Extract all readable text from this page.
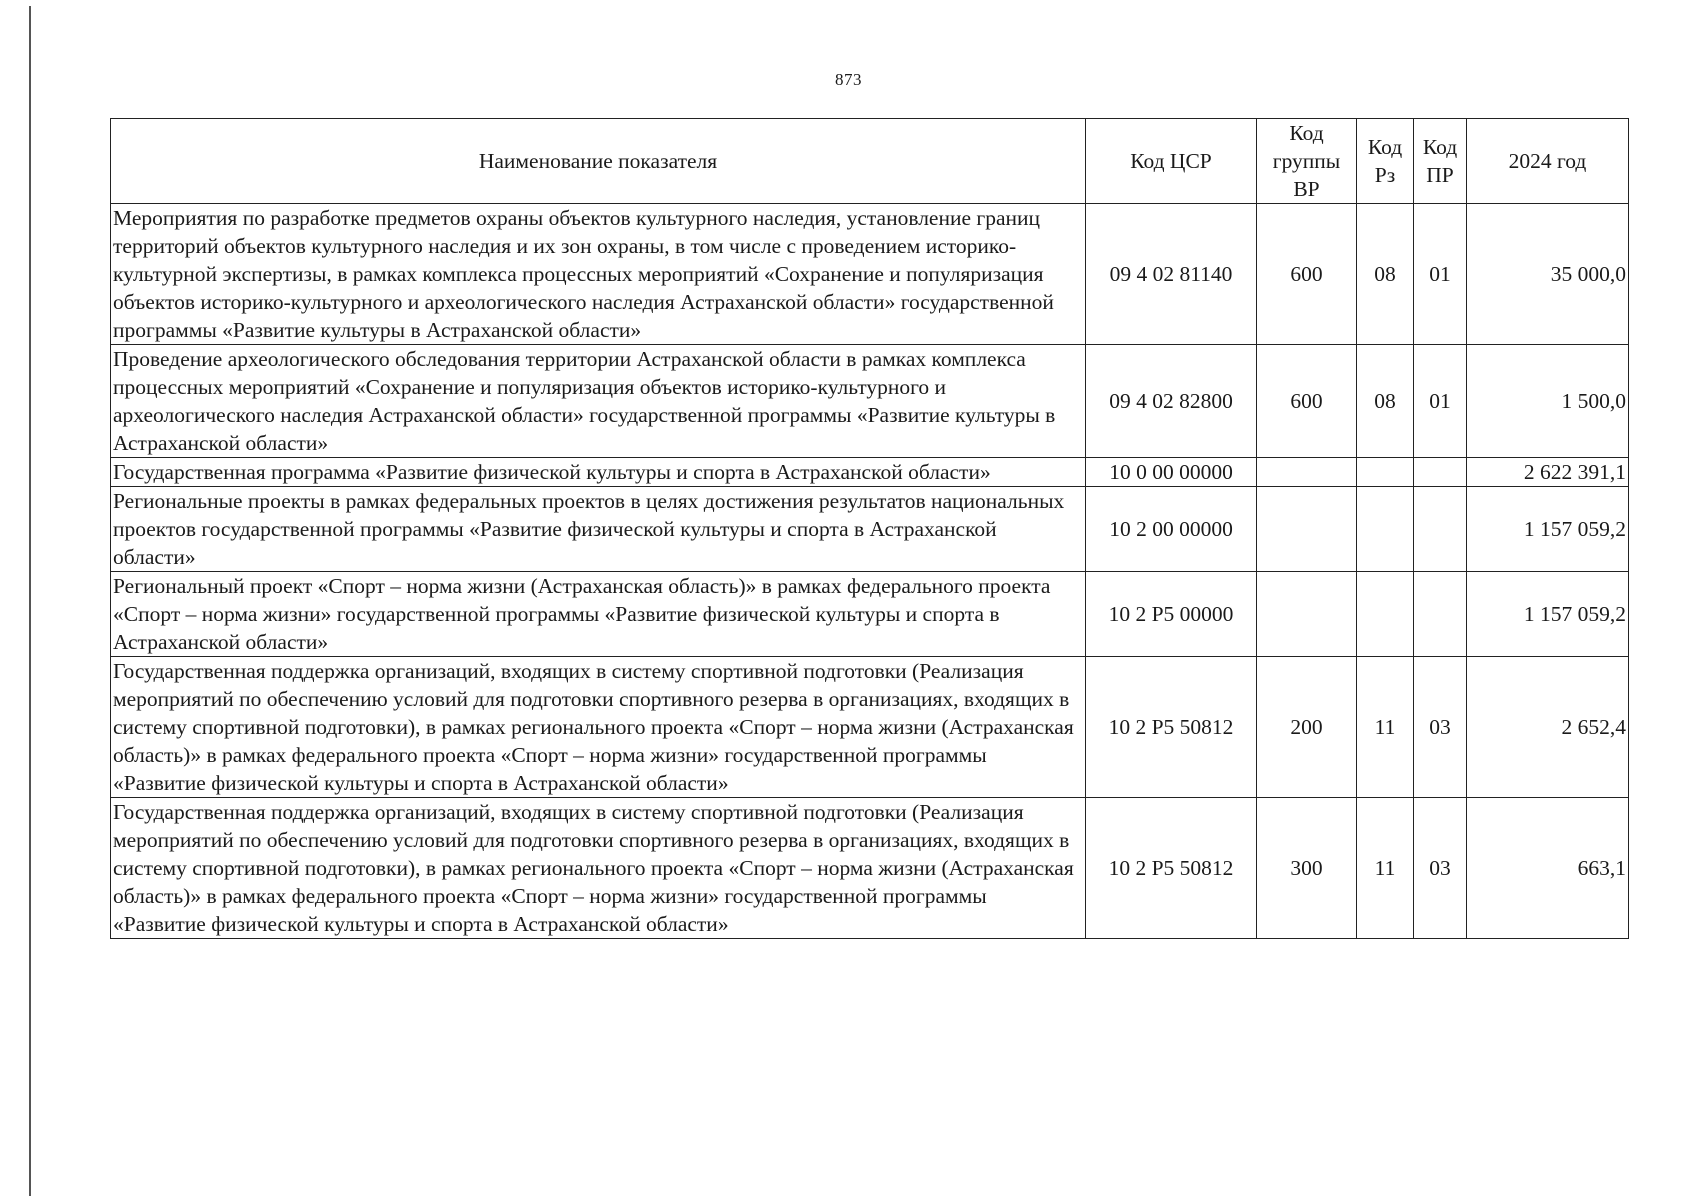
873
Наименование показателя	Код ЦСР	Код группы ВР	Код Рз	Код ПР	2024 год
Мероприятия по разработке предметов охраны объектов культурного наследия, установление границ территорий объектов культурного наследия и их зон охраны, в том числе с проведением историко-культурной экспертизы, в рамках комплекса процессных мероприятий «Сохранение и популяризация объектов историко-культурного и археологического наследия Астраханской области» государственной программы «Развитие культуры в Астраханской области»	09 4 02 81140	600	08	01	35 000,0
Проведение археологического обследования территории Астраханской области в рамках комплекса процессных мероприятий «Сохранение и популяризация объектов историко-культурного и археологического наследия Астраханской области» государственной программы «Развитие культуры в Астраханской области»	09 4 02 82800	600	08	01	1 500,0
Государственная программа «Развитие физической культуры и спорта в Астраханской области»	10 0 00 00000				2 622 391,1
Региональные проекты в рамках федеральных проектов в целях достижения результатов национальных проектов государственной программы «Развитие физической культуры и спорта в Астраханской области»	10 2 00 00000				1 157 059,2
Региональный проект «Спорт – норма жизни (Астраханская область)» в рамках федерального проекта «Спорт – норма жизни» государственной программы «Развитие физической культуры и спорта в Астраханской области»	10 2 P5 00000				1 157 059,2
Государственная поддержка организаций, входящих в систему спортивной подготовки (Реализация мероприятий по обеспечению условий для подготовки спортивного резерва в организациях, входящих в систему спортивной подготовки), в рамках регионального проекта «Спорт – норма жизни (Астраханская область)» в рамках федерального проекта «Спорт – норма жизни» государственной программы «Развитие физической культуры и спорта в Астраханской области»	10 2 P5 50812	200	11	03	2 652,4
Государственная поддержка организаций, входящих в систему спортивной подготовки (Реализация мероприятий по обеспечению условий для подготовки спортивного резерва в организациях, входящих в систему спортивной подготовки), в рамках регионального проекта «Спорт – норма жизни (Астраханская область)» в рамках федерального проекта «Спорт – норма жизни» государственной программы «Развитие физической культуры и спорта в Астраханской области»	10 2 P5 50812	300	11	03	663,1
